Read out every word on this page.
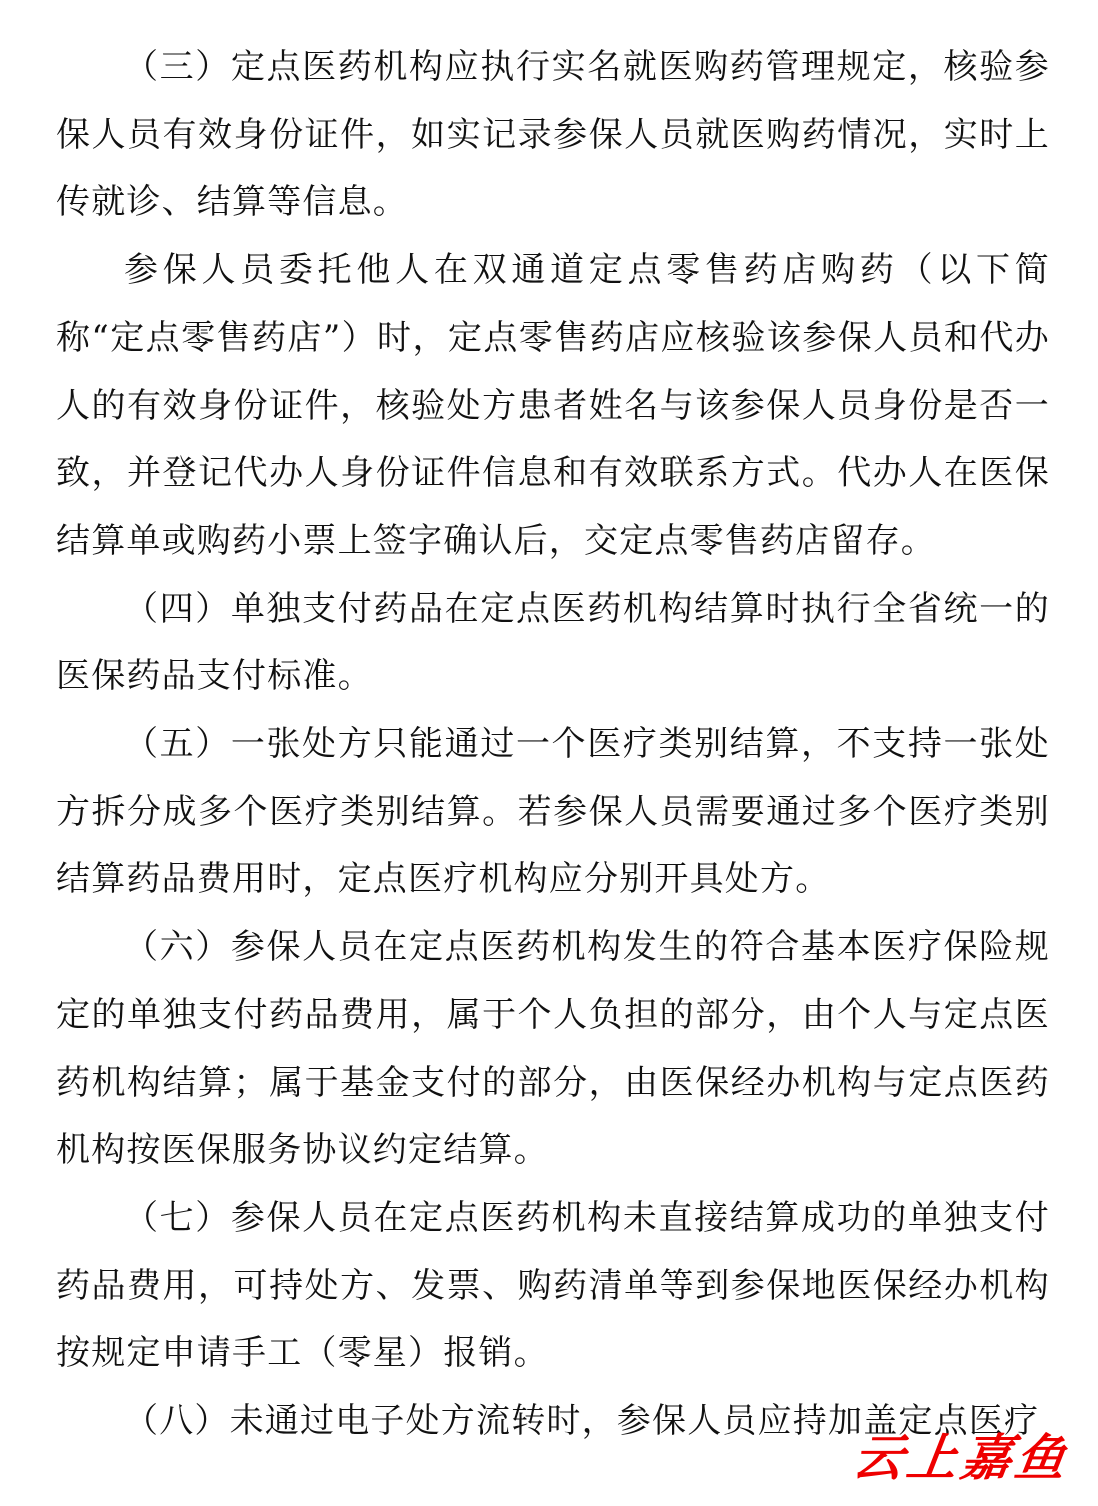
（三）定点医药机构应执行实名就医购药管理规定，核验参保人员有效身份证件，如实记录参保人员就医购药情况，实时上传就诊、结算等信息。

参保人员委托他人在双通道定点零售药店购药（以下简称“定点零售药店”）时，定点零售药店应核验该参保人员和代办人的有效身份证件，核验处方患者姓名与该参保人员身份是否一致，并登记代办人身份证件信息和有效联系方式。代办人在医保结算单或购药小票上签字确认后，交定点零售药店留存。

（四）单独支付药品在定点医药机构结算时执行全省统一的医保药品支付标准。

（五）一张处方只能通过一个医疗类别结算，不支持一张处方拆分成多个医疗类别结算。若参保人员需要通过多个医疗类别结算药品费用时，定点医疗机构应分别开具处方。

（六）参保人员在定点医药机构发生的符合基本医疗保险规定的单独支付药品费用，属于个人负担的部分，由个人与定点医药机构结算；属于基金支付的部分，由医保经办机构与定点医药机构按医保服务协议约定结算。

（七）参保人员在定点医药机构未直接结算成功的单独支付药品费用，可持处方、发票、购药清单等到参保地医保经办机构按规定申请手工（零星）报销。

（八）未通过电子处方流转时，参保人员应持加盖定点医疗

云上嘉鱼
